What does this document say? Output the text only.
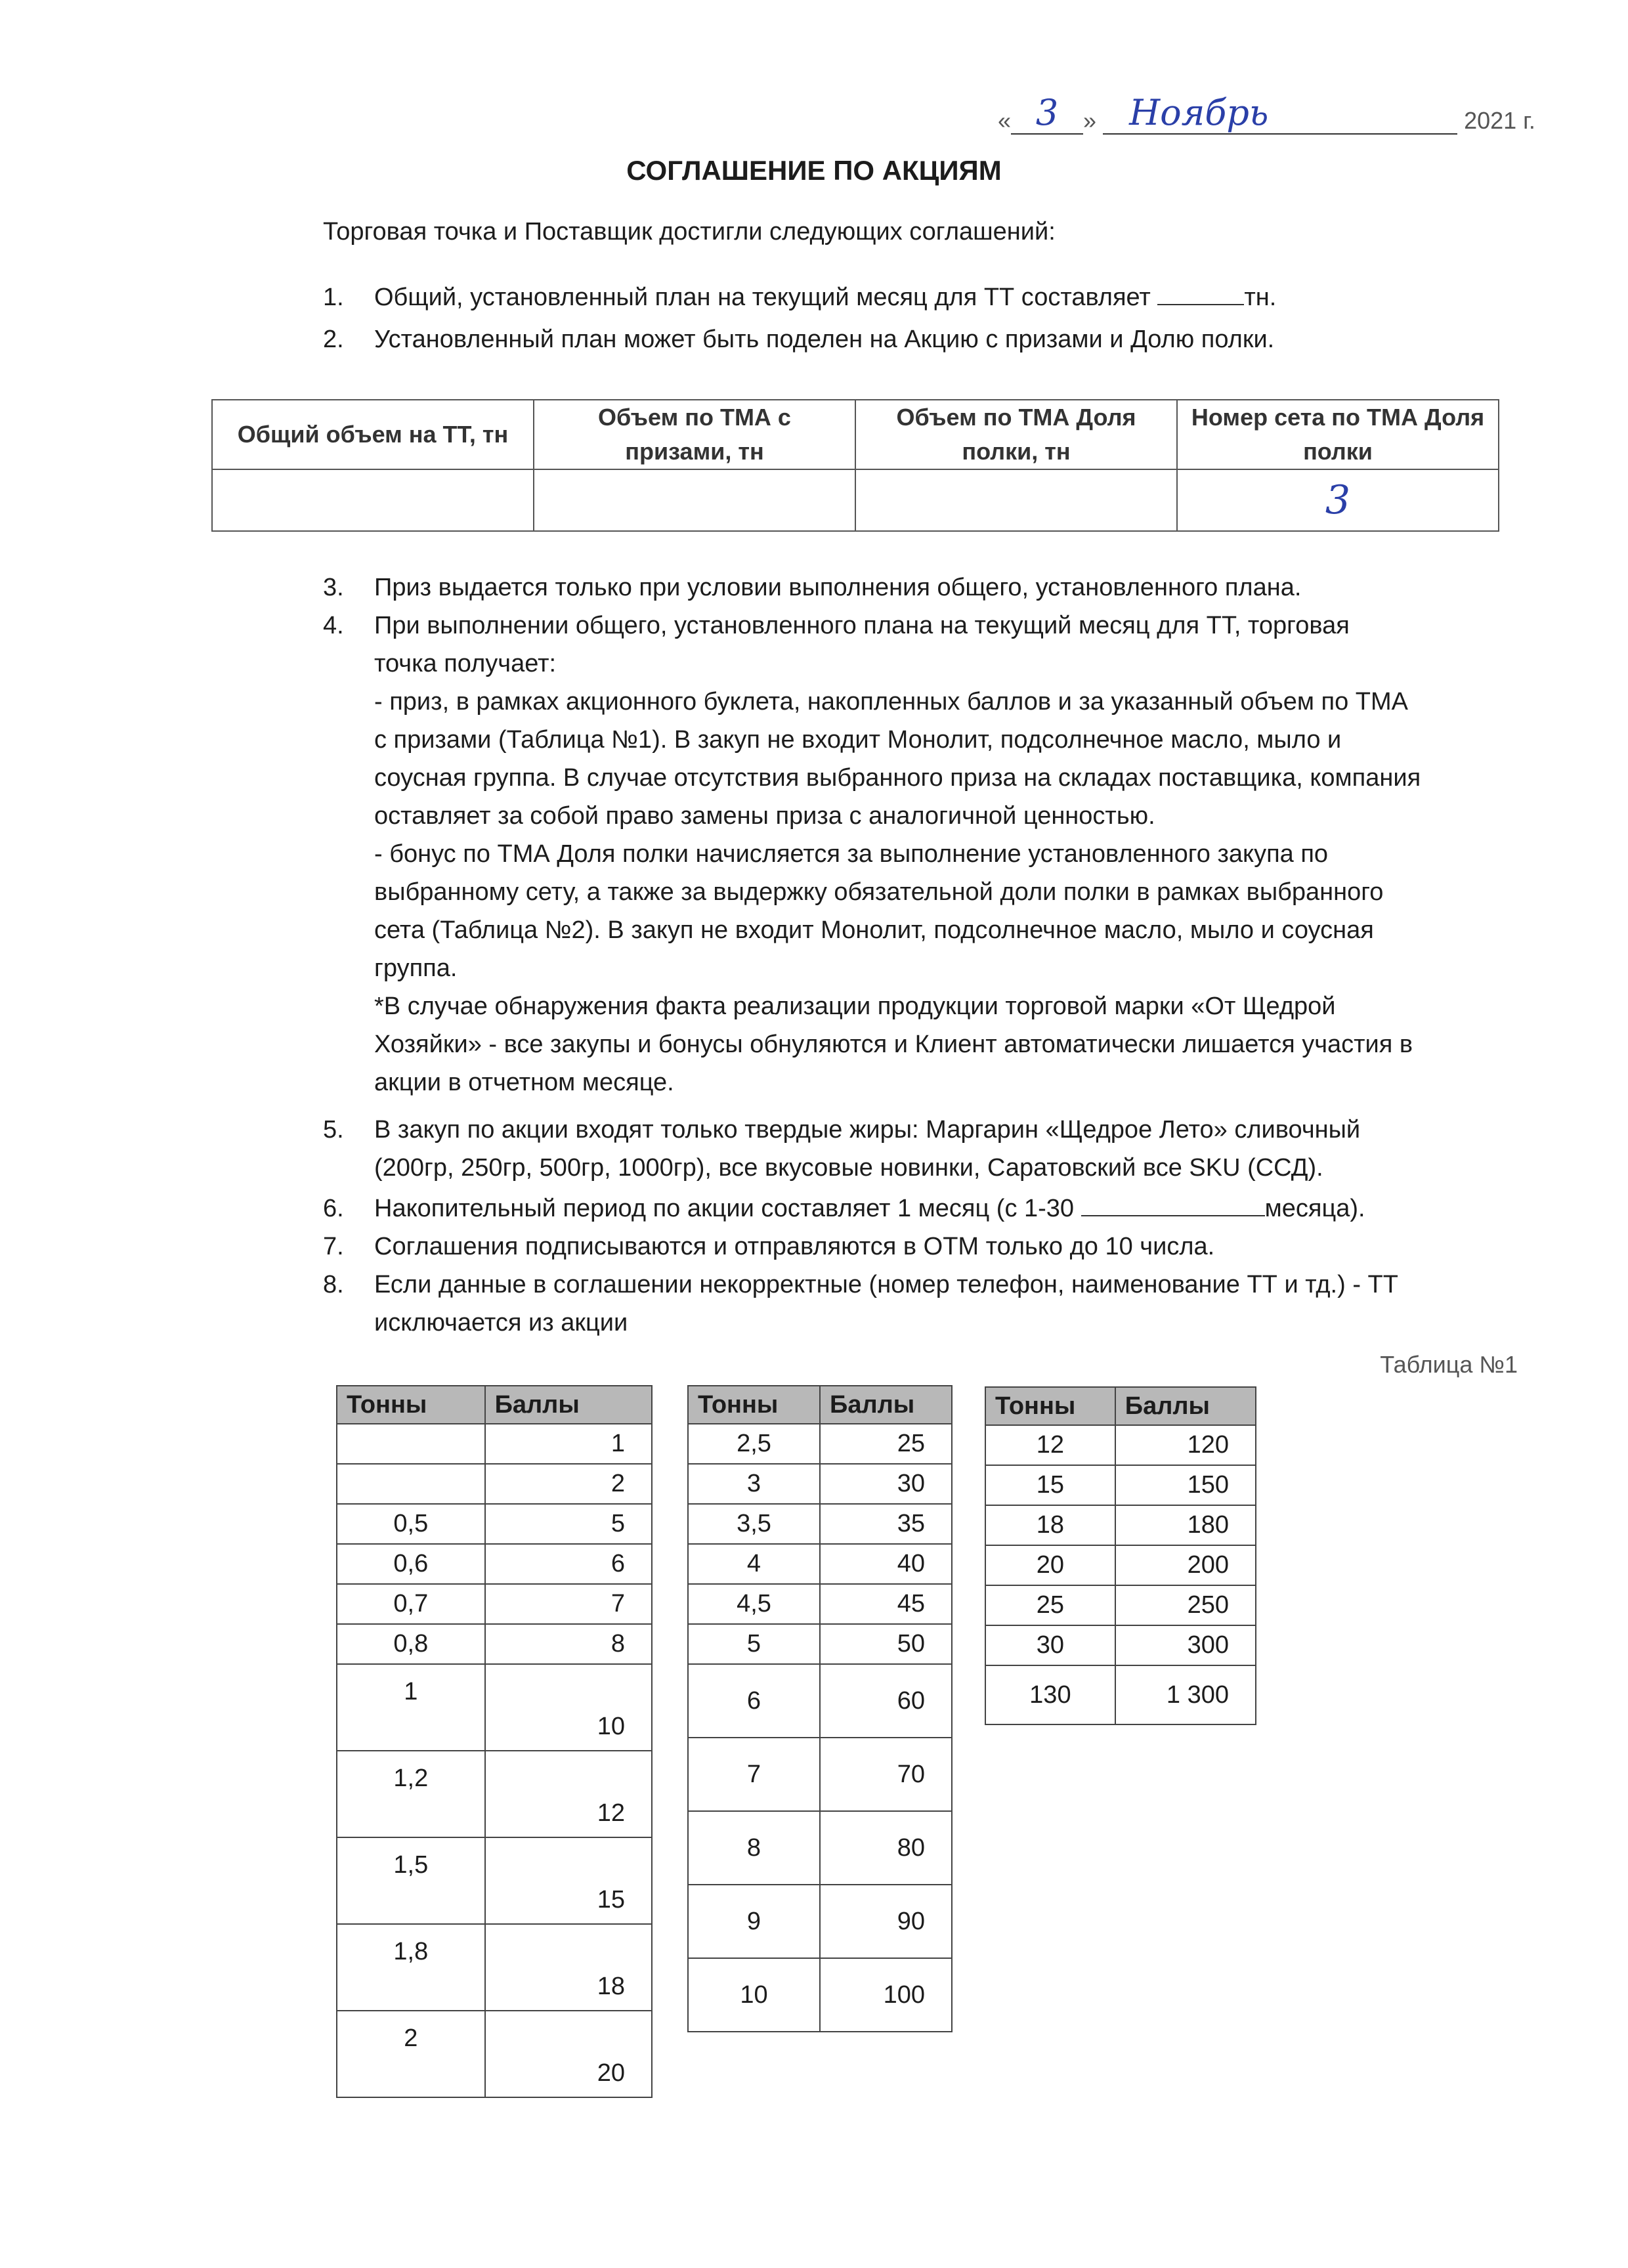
« 3 » Ноябрь	2021 г.
СОГЛАШЕНИЕ ПО АКЦИЯМ
Торговая точка и Поставщик достигли следующих соглашений:
1. Общий, установленный план на текущий месяц для ТТ составляет	тн.
2. Установленный план может быть поделен на Акцию с призами и Долю полки.
Общий объем на ТТ, тн	Объем по ТМА с призами, тн	Объем по ТМА Доля полки, тн	Номер сета по ТМА Доля полки
			3
3. Приз выдается только при условии выполнения общего, установленного плана.
4. При выполнении общего, установленного плана на текущий месяц для ТТ, торговая
точка получает:
- приз, в рамках акционного буклета, накопленных баллов и за указанный объем по ТМА
с призами (Таблица №1). В закуп не входит Монолит, подсолнечное масло, мыло и
соусная группа. В случае отсутствия выбранного приза на складах поставщика, компания
оставляет за собой право замены приза с аналогичной ценностью.
- бонус по ТМА Доля полки начисляется за выполнение установленного закупа по
выбранному сету, а также за выдержку обязательной доли полки в рамках выбранного
сета (Таблица №2). В закуп не входит Монолит, подсолнечное масло, мыло и соусная
группа.
*В случае обнаружения факта реализации продукции торговой марки «От Щедрой
Хозяйки» - все закупы и бонусы обнуляются и Клиент автоматически лишается участия в
акции в отчетном месяце.
5. В закуп по акции входят только твердые жиры: Маргарин «Щедрое Лето» сливочный
(200гр, 250гр, 500гр, 1000гр), все вкусовые новинки, Саратовский все SKU (ССД).
6. Накопительный период по акции составляет 1 месяц (с 1-30	месяца).
7. Соглашения подписываются и отправляются в ОТМ только до 10 числа.
8. Если данные в соглашении некорректные (номер телефон, наименование ТТ и тд.) - ТТ
исключается из акции
Таблица №1
Тонны	Баллы
	1
	2
0,5	5
0,6	6
0,7	7
0,8	8
1	10
1,2	12
1,5	15
1,8	18
2	20
Тонны	Баллы
2,5	25
3	30
3,5	35
4	40
4,5	45
5	50
6	60
7	70
8	80
9	90
10	100
Тонны	Баллы
12	120
15	150
18	180
20	200
25	250
30	300
130	1 300
